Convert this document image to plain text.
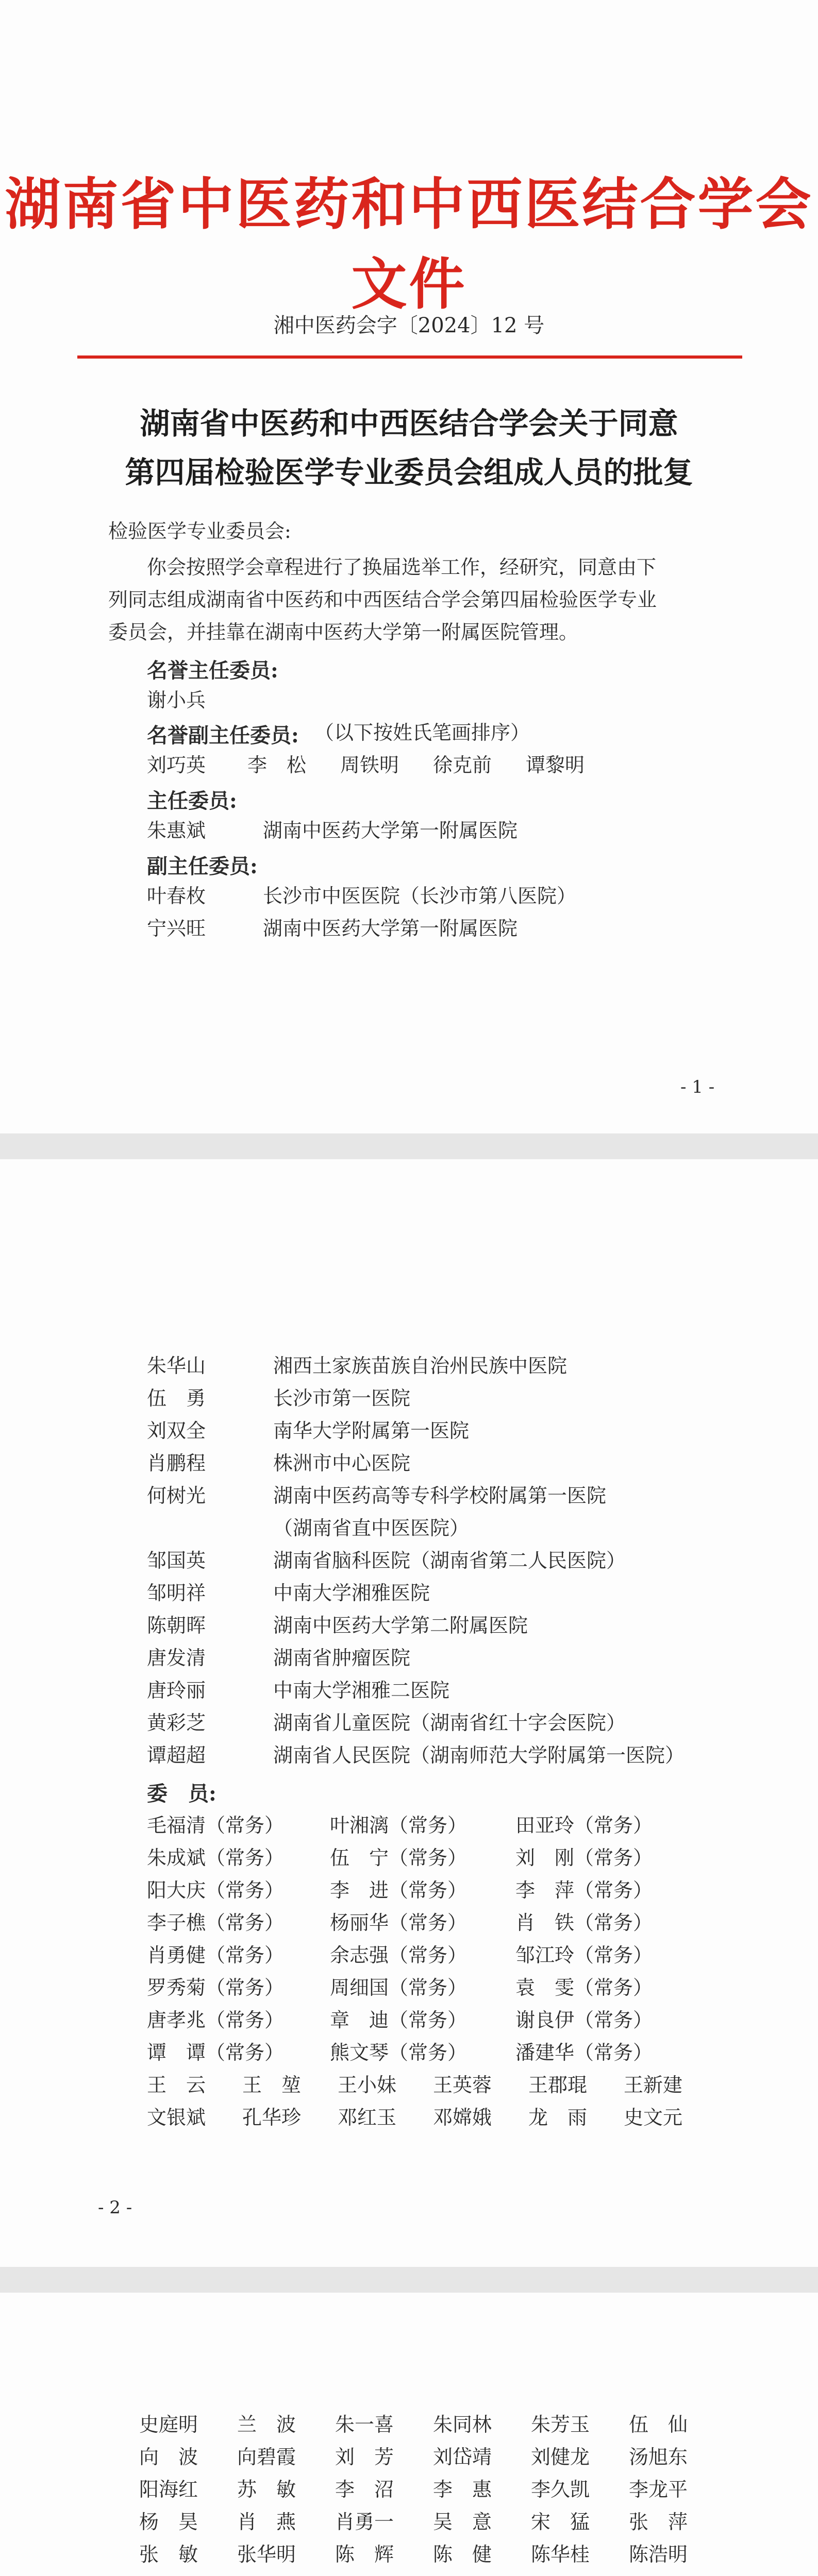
湖南省中医药和中西医结合学会文件
湘中医药会字〔2024〕12 号
湖南省中医药和中西医结合学会关于同意
第四届检验医学专业委员会组成人员的批复
检验医学专业委员会:
你会按照学会章程进行了换届选举工作，经研究，同意由下
列同志组成湖南省中医药和中西医结合学会第四届检验医学专业
委员会，并挂靠在湖南中医药大学第一附属医院管理。
名誉主任委员:
谢小兵
名誉副主任委员: （以下按姓氏笔画排序）
刘巧英 李　松 周铁明 徐克前 谭黎明
主任委员:
朱惠斌	湖南中医药大学第一附属医院
副主任委员:
叶春枚	长沙市中医医院（长沙市第八医院）
宁兴旺	湖南中医药大学第一附属医院
- 1 -
委　员:
- 2 -
朱华山	湘西土家族苗族自治州民族中医院
伍　勇	长沙市第一医院
刘双全	南华大学附属第一医院
肖鹏程	株洲市中心医院
何树光	湖南中医药高等专科学校附属第一医院
（湖南省直中医医院）
邹国英	湖南省脑科医院（湖南省第二人民医院）
邹明祥	中南大学湘雅医院
陈朝晖	湖南中医药大学第二附属医院
唐发清	湖南省肿瘤医院
唐玲丽	中南大学湘雅二医院
黄彩芝	湖南省儿童医院（湖南省红十字会医院）
谭超超	湖南省人民医院（湖南师范大学附属第一医院）
毛福清（常务） 叶湘漓（常务） 田亚玲（常务）
朱成斌（常务） 伍　宁（常务） 刘　刚（常务）
阳大庆（常务） 李　进（常务） 李　萍（常务）
李子樵（常务） 杨丽华（常务） 肖　铁（常务）
肖勇健（常务） 余志强（常务） 邹江玲（常务）
罗秀菊（常务） 周细国（常务） 袁　雯（常务）
唐孝兆（常务） 章　迪（常务） 谢良伊（常务）
谭　谭（常务） 熊文琴（常务） 潘建华（常务）
王　云 王　堃 王小妹 王英蓉 王郡琨 王新建
文银斌 孔华珍 邓红玉 邓嫦娥 龙　雨 史文元
史庭明 兰　波 朱一喜 朱同林 朱芳玉 伍　仙
向　波 向碧霞 刘　芳 刘岱靖 刘健龙 汤旭东
阳海红 苏　敏 李　沼 李　惠 李久凯 李龙平
杨　昊 肖　燕 肖勇一 吴　意 宋　猛 张　萍
张　敏 张华明 陈　辉 陈　健 陈华桂 陈浩明
